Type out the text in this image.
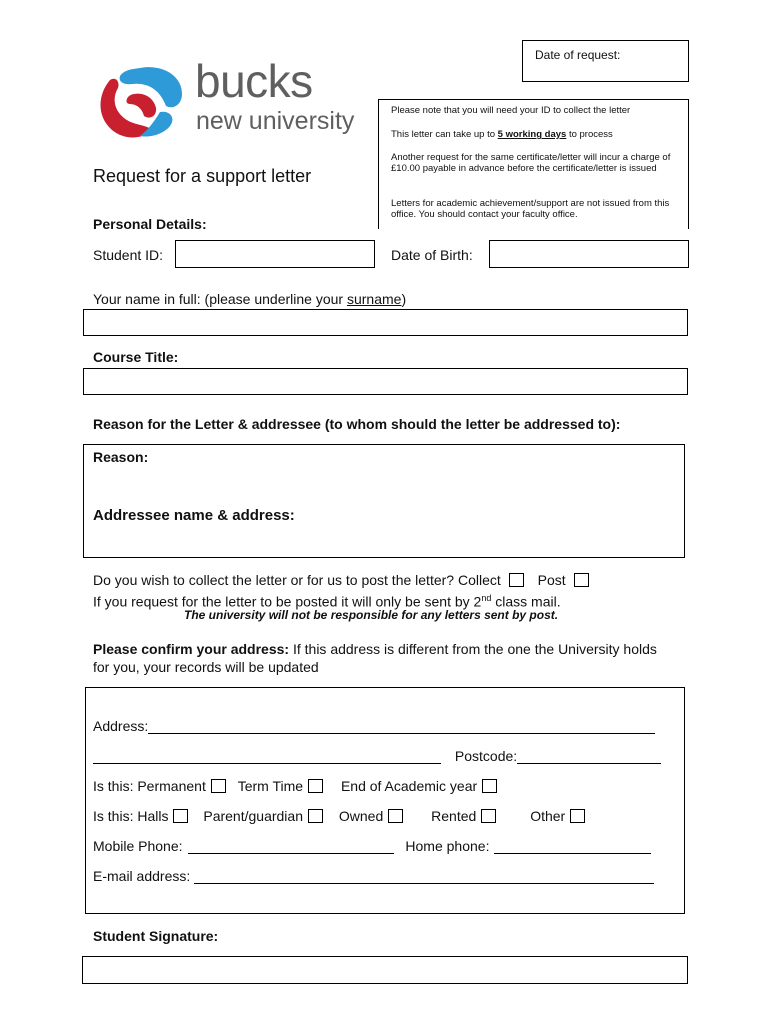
bucks
new university
Date of request:
Please note that you will need your ID to collect the letter
This letter can take up to 5 working days to process
Another request for the same certificate/letter will incur a charge of £10.00 payable in advance before the certificate/letter is issued
Letters for academic achievement/support are not issued from this office. You should contact your faculty office.
Request for a support letter
Personal Details:
Student ID:	Date of Birth:
Your name in full: (please underline your surname)
Course Title:
Reason for the Letter & addressee (to whom should the letter be addressed to):
Reason:
Addressee name & address:
Do you wish to collect the letter or for us to post the letter? Collect	Post
If you request for the letter to be posted it will only be sent by 2nd class mail.
The university will not be responsible for any letters sent by post.
Please confirm your address: If this address is different from the one the University holds
for you, your records will be updated
Address:
Postcode:
Is this: Permanent Term Time	End of Academic year
Is this: Halls Parent/guardian	Owned	Rented	Other
Mobile Phone:	Home phone:
E-mail address:
Student Signature:
